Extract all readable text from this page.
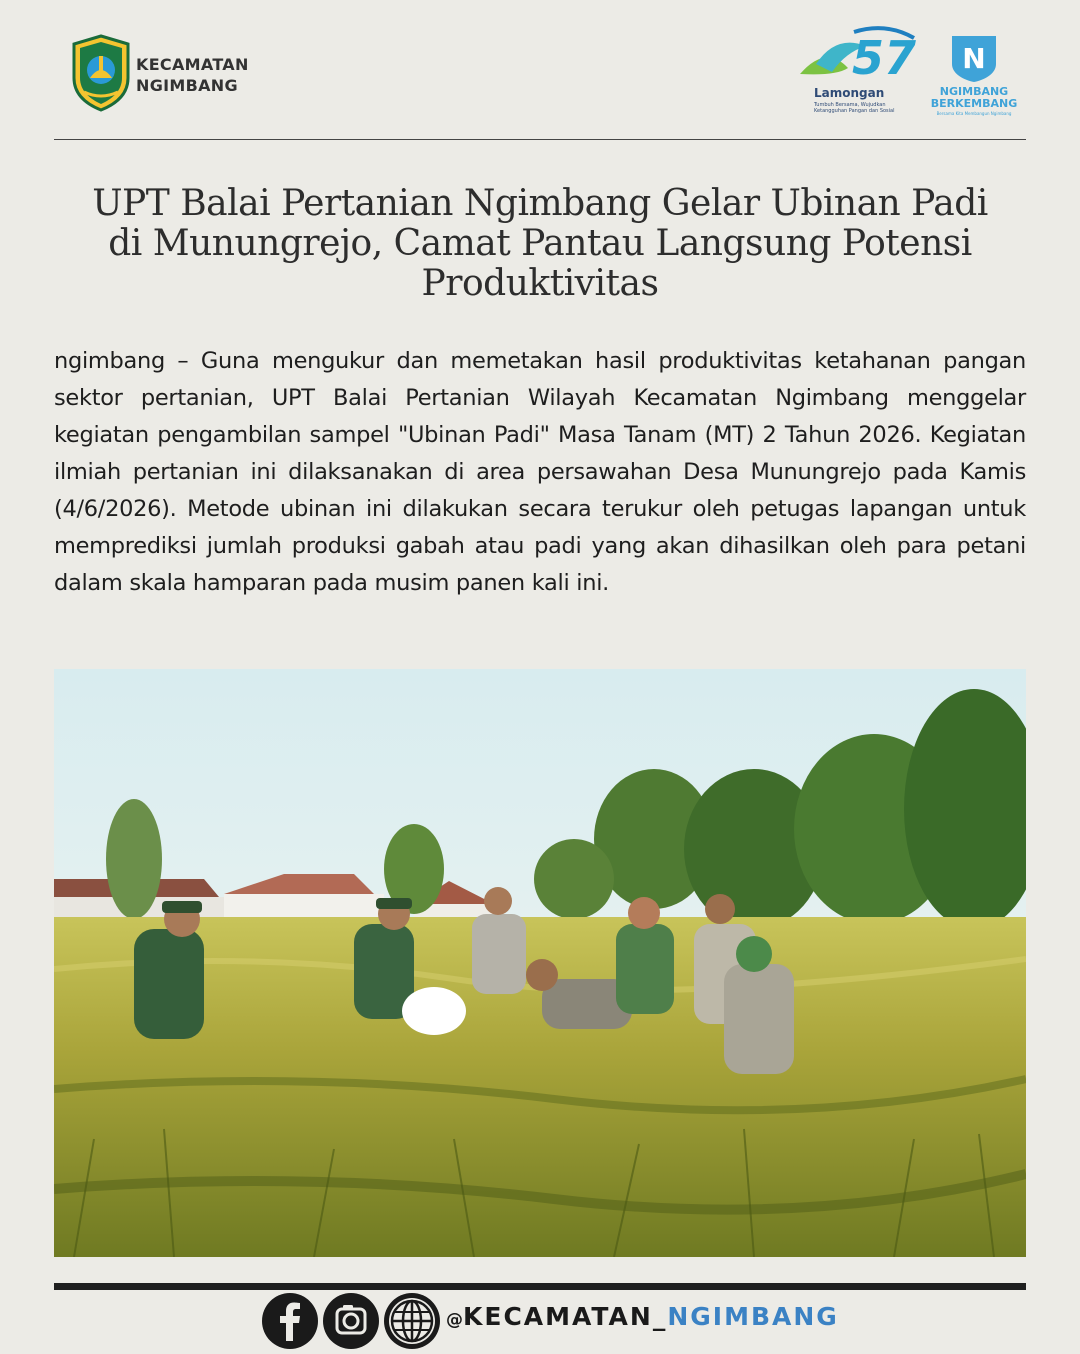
KECAMATAN
NGIMBANG
57
Lamongan
Tumbuh Bersama, Wujudkan Ketangguhan Pangan dan Sosial
N
NGIMBANG
BERKEMBANG
Bersama Kita Membangun Ngimbang
UPT Balai Pertanian Ngimbang Gelar Ubinan Padi di Munungrejo, Camat Pantau Langsung Potensi Produktivitas

ngimbang – Guna mengukur dan memetakan hasil produktivitas ketahanan pangan sektor pertanian, UPT Balai Pertanian Wilayah Kecamatan Ngimbang menggelar kegiatan pengambilan sampel "Ubinan Padi" Masa Tanam (MT) 2 Tahun 2026. Kegiatan ilmiah pertanian ini dilaksanakan di area persawahan Desa Munungrejo pada Kamis (4/6/2026). Metode ubinan ini dilakukan secara terukur oleh petugas lapangan untuk memprediksi jumlah produksi gabah atau padi yang akan dihasilkan oleh para petani dalam skala hamparan pada musim panen kali ini.

@KECAMATAN_NGIMBANG
